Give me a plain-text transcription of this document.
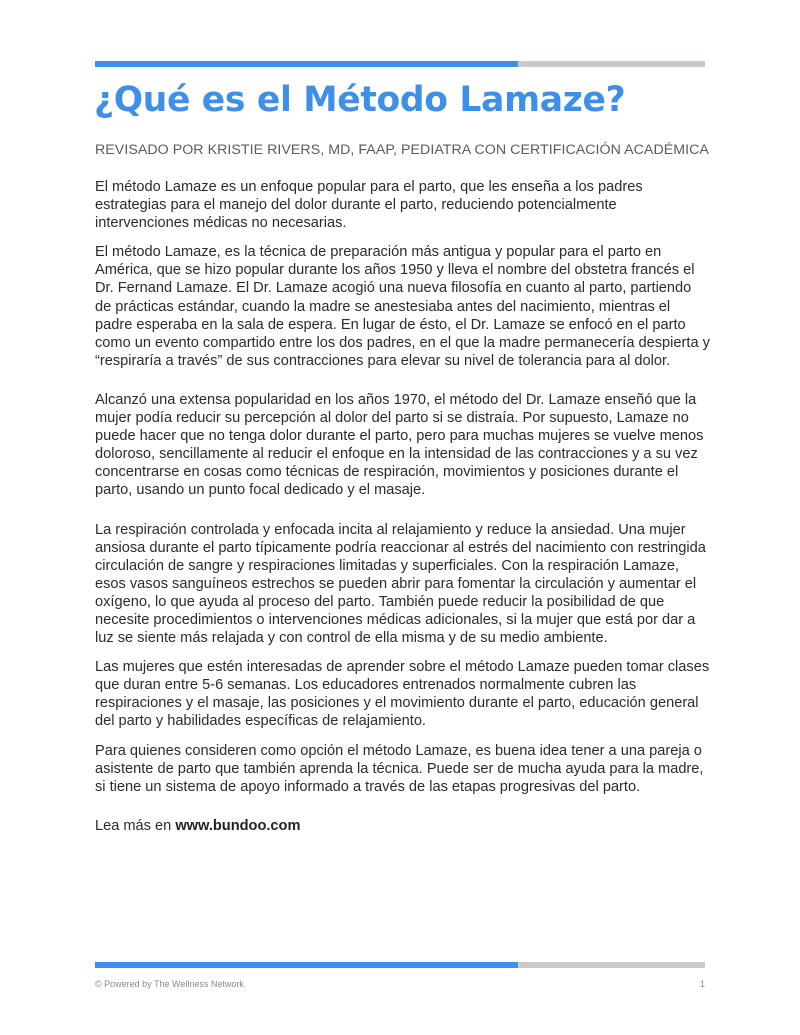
¿Qué es el Método Lamaze?

REVISADO POR KRISTIE RIVERS, MD, FAAP, PEDIATRA CON CERTIFICACIÓN ACADÉMICA

El método Lamaze es un enfoque popular para el parto, que les enseña a los padres estrategias para el manejo del dolor durante el parto, reduciendo potencialmente intervenciones médicas no necesarias.

El método Lamaze, es la técnica de preparación más antigua y popular para el parto en América, que se hizo popular durante los años 1950 y lleva el nombre del obstetra francés el Dr. Fernand Lamaze. El Dr. Lamaze acogió una nueva filosofía en cuanto al parto, partiendo de prácticas estándar, cuando la madre se anestesiaba antes del nacimiento, mientras el padre esperaba en la sala de espera. En lugar de ésto, el Dr. Lamaze se enfocó en el parto como un evento compartido entre los dos padres, en el que la madre permanecería despierta y “respiraría a través” de sus contracciones para elevar su nivel de tolerancia para al dolor.

Alcanzó una extensa popularidad en los años 1970, el método del Dr. Lamaze enseñó que la mujer podía reducir su percepción al dolor del parto si se distraía. Por supuesto, Lamaze no puede hacer que no tenga dolor durante el parto, pero para muchas mujeres se vuelve menos doloroso, sencillamente al reducir el enfoque en la intensidad de las contracciones y a su vez concentrarse en cosas como técnicas de respiración, movimientos y posiciones durante el parto, usando un punto focal dedicado y el masaje.

La respiración controlada y enfocada incita al relajamiento y reduce la ansiedad. Una mujer ansiosa durante el parto típicamente podría reaccionar al estrés del nacimiento con restringida circulación de sangre y respiraciones limitadas y superficiales. Con la respiración Lamaze, esos vasos sanguíneos estrechos se pueden abrir para fomentar la circulación y aumentar el oxígeno, lo que ayuda al proceso del parto. También puede reducir la posibilidad de que necesite procedimientos o intervenciones médicas adicionales, si la mujer que está por dar a luz se siente más relajada y con control de ella misma y de su medio ambiente.

Las mujeres que estén interesadas de aprender sobre el método Lamaze pueden tomar clases que duran entre 5-6 semanas. Los educadores entrenados normalmente cubren las respiraciones y el masaje, las posiciones y el movimiento durante el parto, educación general del parto y habilidades específicas de relajamiento.

Para quienes consideren como opción el método Lamaze, es buena idea tener a una pareja o asistente de parto que también aprenda la técnica. Puede ser de mucha ayuda para la madre, si tiene un sistema de apoyo informado a través de las etapas progresivas del parto.

Lea más en www.bundoo.com

© Powered by The Wellness Network	1
